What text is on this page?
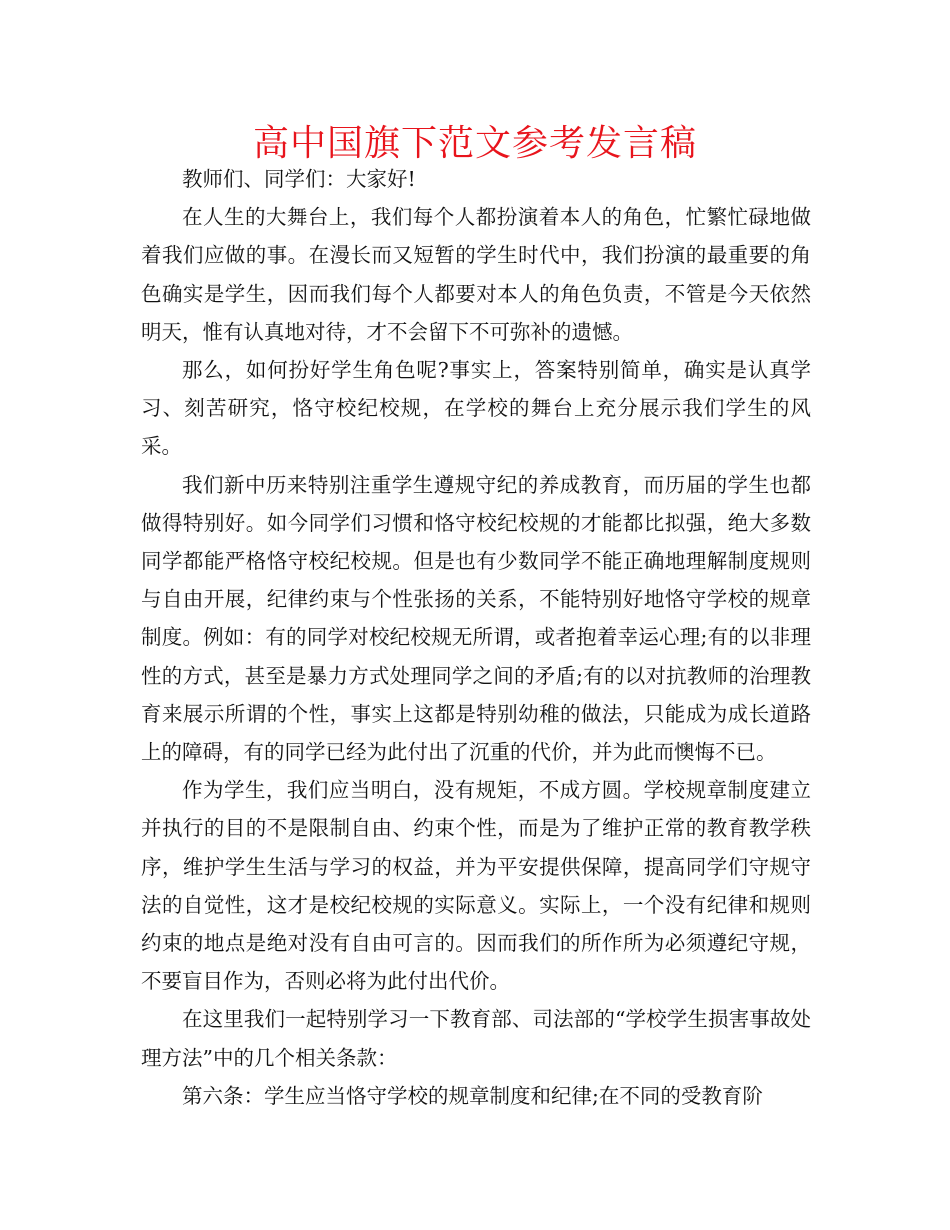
高中国旗下范文参考发言稿

教师们、同学们：大家好!

在人生的大舞台上，我们每个人都扮演着本人的角色，忙繁忙碌地做着我们应做的事。在漫长而又短暂的学生时代中，我们扮演的最重要的角色确实是学生，因而我们每个人都要对本人的角色负责，不管是今天依然明天，惟有认真地对待，才不会留下不可弥补的遗憾。

那么，如何扮好学生角色呢?事实上，答案特别简单，确实是认真学习、刻苦研究，恪守校纪校规，在学校的舞台上充分展示我们学生的风采。

我们新中历来特别注重学生遵规守纪的养成教育，而历届的学生也都做得特别好。如今同学们习惯和恪守校纪校规的才能都比拟强，绝大多数同学都能严格恪守校纪校规。但是也有少数同学不能正确地理解制度规则与自由开展，纪律约束与个性张扬的关系，不能特别好地恪守学校的规章制度。例如：有的同学对校纪校规无所谓，或者抱着幸运心理;有的以非理性的方式，甚至是暴力方式处理同学之间的矛盾;有的以对抗教师的治理教育来展示所谓的个性，事实上这都是特别幼稚的做法，只能成为成长道路上的障碍，有的同学已经为此付出了沉重的代价，并为此而懊悔不已。

作为学生，我们应当明白，没有规矩，不成方圆。学校规章制度建立并执行的目的不是限制自由、约束个性，而是为了维护正常的教育教学秩序，维护学生生活与学习的权益，并为平安提供保障，提高同学们守规守法的自觉性，这才是校纪校规的实际意义。实际上，一个没有纪律和规则约束的地点是绝对没有自由可言的。因而我们的所作所为必须遵纪守规，不要盲目作为，否则必将为此付出代价。

在这里我们一起特别学习一下教育部、司法部的“学校学生损害事故处理方法”中的几个相关条款：

第六条：学生应当恪守学校的规章制度和纪律;在不同的受教育阶
